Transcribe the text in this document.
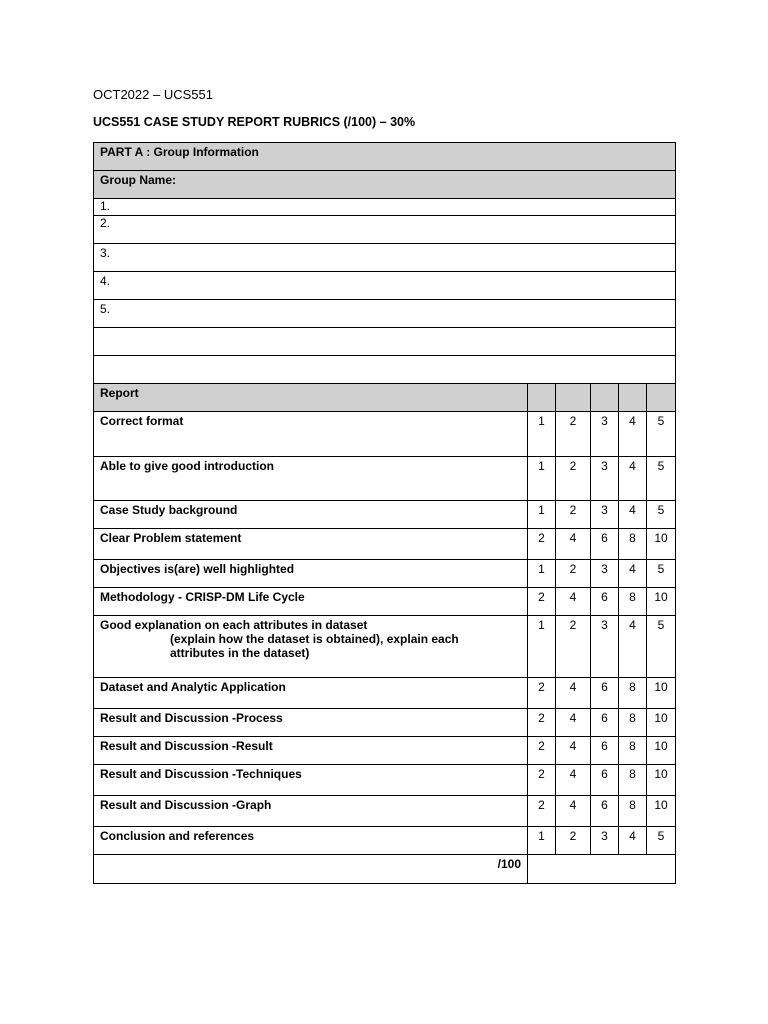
OCT2022 – UCS551
UCS551 CASE STUDY REPORT RUBRICS (/100) – 30%
PART A : Group Information					
Group Name:					
1.					
2.					
3.					
4.					
5.					

Report					
Correct format	1	2	3	4	5
Able to give good introduction	1	2	3	4	5
Case Study background	1	2	3	4	5
Clear Problem statement	2	4	6	8	10
Objectives is(are) well highlighted	1	2	3	4	5
Methodology - CRISP-DM Life Cycle	2	4	6	8	10
Good explanation on each attributes in dataset
(explain how the dataset is obtained), explain each
attributes in the dataset)	1	2	3	4	5
Dataset and Analytic Application	2	4	6	8	10
Result and Discussion -Process	2	4	6	8	10
Result and Discussion -Result	2	4	6	8	10
Result and Discussion -Techniques	2	4	6	8	10
Result and Discussion -Graph	2	4	6	8	10
Conclusion and references	1	2	3	4	5
/100					
